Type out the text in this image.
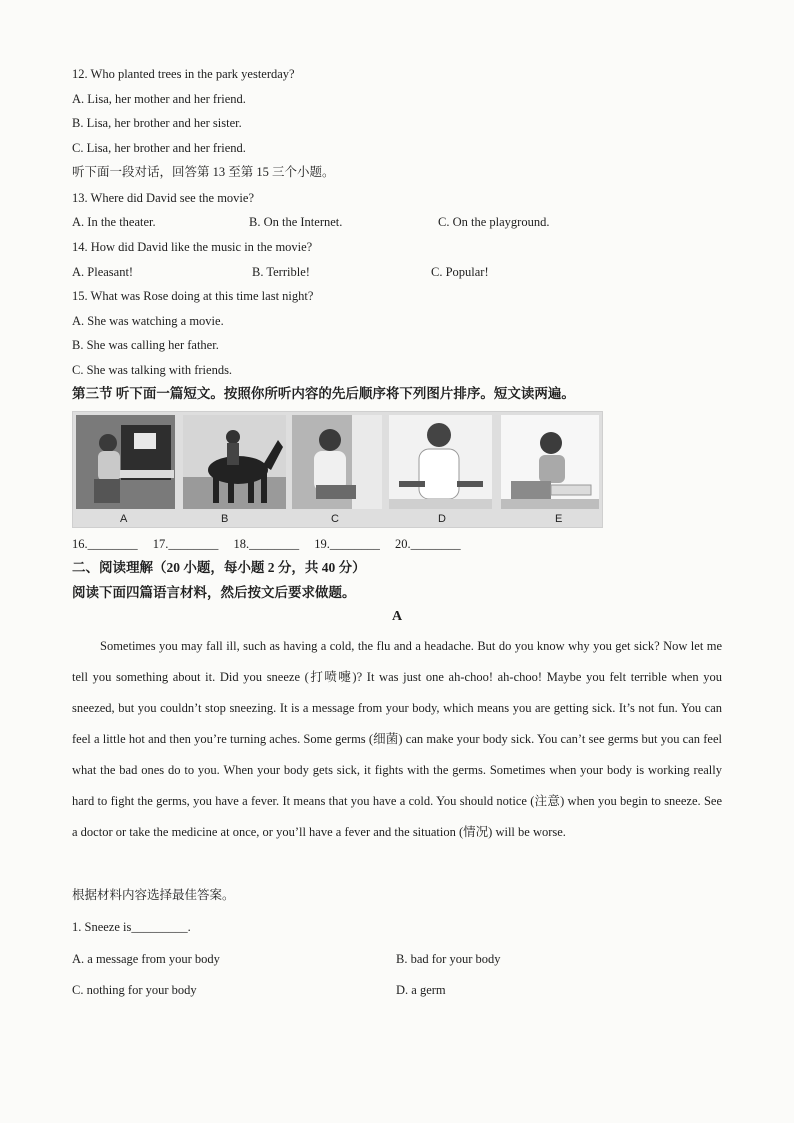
12. Who planted trees in the park yesterday?
A. Lisa, her mother and her friend.
B. Lisa, her brother and her sister.
C. Lisa, her brother and her friend.
听下面一段对话，回答第 13 至第 15 三个小题。
13. Where did David see the movie?
A. In the theater.	B. On the Internet.	C. On the playground.
14. How did David like the music in the movie?
A. Pleasant!	B. Terrible!	C. Popular!
15. What was Rose doing at this time last night?
A. She was watching a movie.
B. She was calling her father.
C. She was talking with friends.
第三节 听下面一篇短文。按照你所听内容的先后顺序将下列图片排序。短文读两遍。
A	B	C	D	E
16.________ 17.________ 18.________ 19.________ 20.________
二、阅读理解（20 小题，每小题 2 分，共 40 分）
阅读下面四篇语言材料，然后按文后要求做题。
A

Sometimes you may fall ill, such as having a cold, the flu and a headache. But do you know why you get sick? Now let me tell you something about it. Did you sneeze (打喷嚏)? It was just one ah-choo! ah-choo! Maybe you felt terrible when you sneezed, but you couldn’t stop sneezing. It is a message from your body, which means you are getting sick. It’s not fun. You can feel a little hot and then you’re turning aches. Some germs (细菌) can make your body sick. You can’t see germs but you can feel what the bad ones do to you. When your body gets sick, it fights with the germs. Sometimes when your body is working really hard to fight the germs, you have a fever. It means that you have a cold. You should notice (注意) when you begin to sneeze. See a doctor or take the medicine at once, or you’ll have a fever and the situation (情况) will be worse.

根据材料内容选择最佳答案。
1. Sneeze is_________.
A. a message from your body	B. bad for your body
C. nothing for your body	D. a germ
